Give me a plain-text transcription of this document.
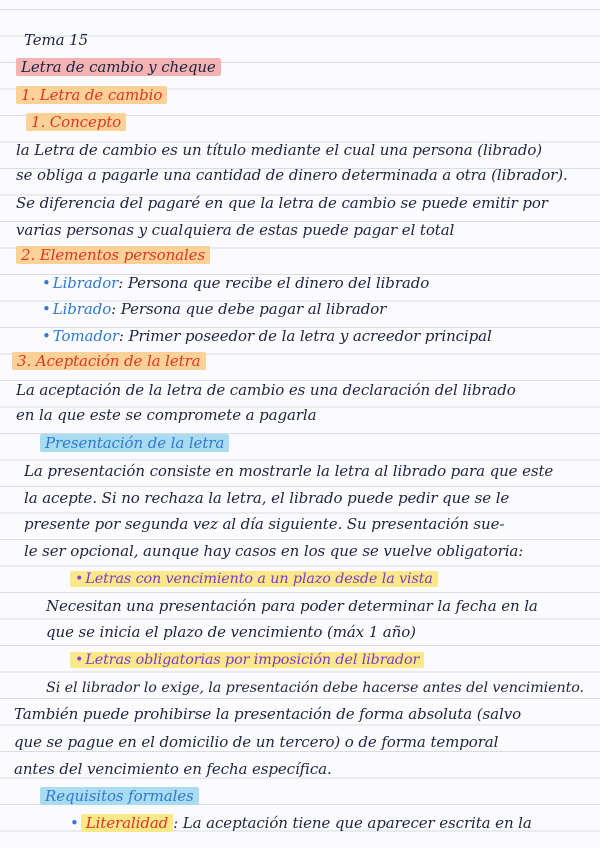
Tema 15
Letra de cambio y cheque
1. Letra de cambio
1. Concepto
la Letra de cambio es un título mediante el cual una persona (librado)
se obliga a pagarle una cantidad de dinero determinada a otra (librador).
Se diferencia del pagaré en que la letra de cambio se puede emitir por
varias personas y cualquiera de estas puede pagar el total
2. Elementos personales
• Librador: Persona que recibe el dinero del librado
• Librado: Persona que debe pagar al librador
• Tomador: Primer poseedor de la letra y acreedor principal
3. Aceptación de la letra
La aceptación de la letra de cambio es una declaración del librado
en la que este se compromete a pagarla
Presentación de la letra
La presentación consiste en mostrarle la letra al librado para que este
la acepte. Si no rechaza la letra, el librado puede pedir que se le
presente por segunda vez al día siguiente. Su presentación sue-
le ser opcional, aunque hay casos en los que se vuelve obligatoria:
• Letras con vencimiento a un plazo desde la vista
Necesitan una presentación para poder determinar la fecha en la
que se inicia el plazo de vencimiento (máx 1 año)
• Letras obligatorias por imposición del librador
Si el librador lo exige, la presentación debe hacerse antes del vencimiento.
También puede prohibirse la presentación de forma absoluta (salvo
que se pague en el domicilio de un tercero) o de forma temporal
antes del vencimiento en fecha específica.
Requisitos formales
• Literalidad : La aceptación tiene que aparecer escrita en la
